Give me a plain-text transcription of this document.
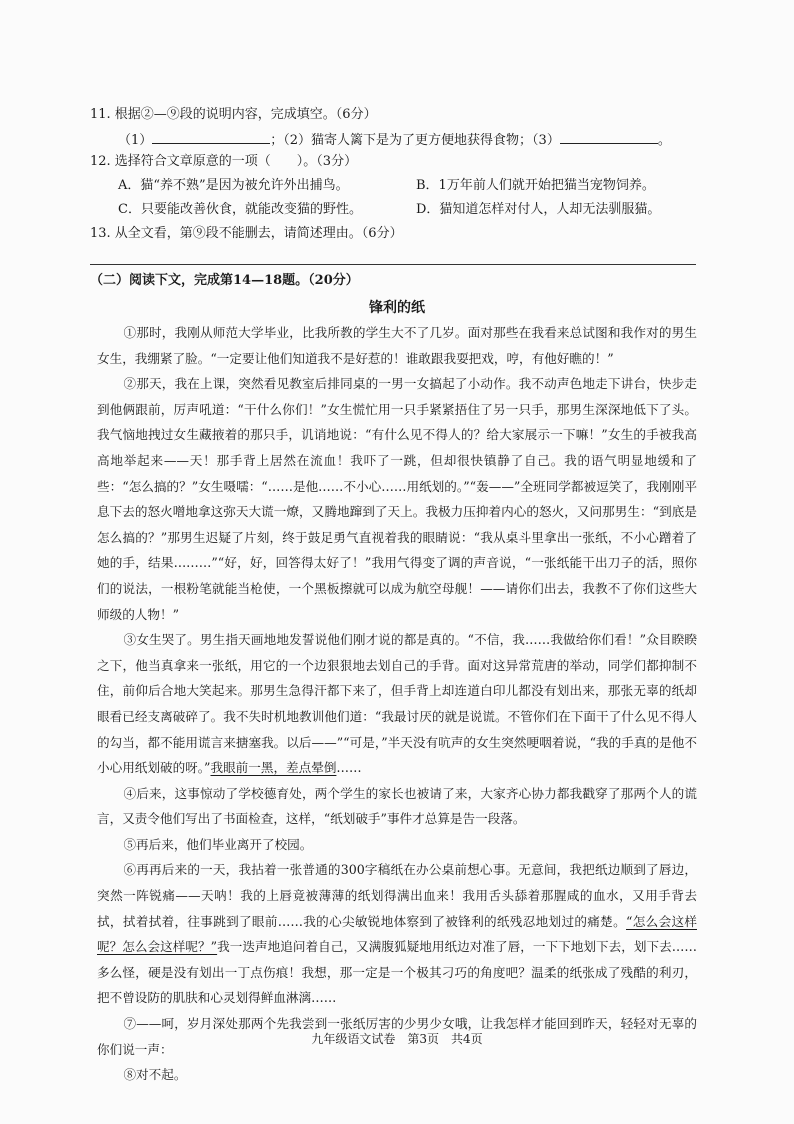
11. 根据②—⑨段的说明内容，完成填空。（6分）
（1）	；（2）猫寄人篱下是为了更方便地获得食物；（3）	。
12. 选择符合文章原意的一项（　　）。（3分）
A．猫“养不熟”是因为被允许外出捕鸟。	B．1万年前人们就开始把猫当宠物饲养。
C．只要能改善伙食，就能改变猫的野性。	D．猫知道怎样对付人，人却无法驯服猫。
13. 从全文看，第⑨段不能删去，请简述理由。（6分）
（二）阅读下文，完成第14—18题。（20分）
锋利的纸

①那时，我刚从师范大学毕业，比我所教的学生大不了几岁。面对那些在我看来总试图和我作对的男生女生，我绷紧了脸。“一定要让他们知道我不是好惹的！谁敢跟我耍把戏，哼，有他好瞧的！”

②那天，我在上课，突然看见教室后排同桌的一男一女搞起了小动作。我不动声色地走下讲台，快步走到他俩跟前，厉声吼道：“干什么你们！”女生慌忙用一只手紧紧捂住了另一只手，那男生深深地低下了头。我气恼地拽过女生藏掖着的那只手，讥诮地说：“有什么见不得人的？给大家展示一下嘛！”女生的手被我高高地举起来——天！那手背上居然在流血！我吓了一跳，但却很快镇静了自己。我的语气明显地缓和了些：“怎么搞的？”女生嗫嚅：“……是他……不小心……用纸划的。”“轰——”全班同学都被逗笑了，我刚刚平息下去的怒火噌地拿这弥天大谎一燎，又腾地蹿到了天上。我极力压抑着内心的怒火，又问那男生：“到底是怎么搞的？”那男生迟疑了片刻，终于鼓足勇气直视着我的眼睛说：“我从桌斗里拿出一张纸，不小心蹭着了她的手，结果………”“好，好，回答得太好了！”我用气得变了调的声音说，“一张纸能干出刀子的活，照你们的说法，一根粉笔就能当枪使，一个黑板擦就可以成为航空母舰！——请你们出去，我教不了你们这些大师级的人物！”

③女生哭了。男生指天画地地发誓说他们刚才说的都是真的。“不信，我……我做给你们看！”众目睽睽之下，他当真拿来一张纸，用它的一个边狠狠地去划自己的手背。面对这异常荒唐的举动，同学们都抑制不住，前仰后合地大笑起来。那男生急得汗都下来了，但手背上却连道白印儿都没有划出来，那张无辜的纸却眼看已经支离破碎了。我不失时机地教训他们道：“我最讨厌的就是说谎。不管你们在下面干了什么见不得人的勾当，都不能用谎言来搪塞我。以后——”“可是，”半天没有吭声的女生突然哽咽着说，“我的手真的是他不小心用纸划破的呀。”我眼前一黑，差点晕倒……

④后来，这事惊动了学校德育处，两个学生的家长也被请了来，大家齐心协力都我戳穿了那两个人的谎言，又责令他们写出了书面检查，这样，“纸划破手”事件才总算是告一段落。

⑤再后来，他们毕业离开了校园。

⑥再再后来的一天，我拈着一张普通的300字稿纸在办公桌前想心事。无意间，我把纸边顺到了唇边，突然一阵锐痛——天呐！我的上唇竟被薄薄的纸划得满出血来！我用舌头舔着那腥咸的血水，又用手背去拭，拭着拭着，往事跳到了眼前……我的心尖敏锐地体察到了被锋利的纸残忍地划过的痛楚。“怎么会这样呢？怎么会这样呢？”我一迭声地追问着自己，又满腹狐疑地用纸边对准了唇，一下下地划下去，划下去……多么怪，硬是没有划出一丁点伤痕！我想，那一定是一个极其刁巧的角度吧？温柔的纸张成了残酷的利刃，把不曾设防的肌肤和心灵划得鲜血淋漓……

⑦——呵，岁月深处那两个先我尝到一张纸厉害的少男少女哦，让我怎样才能回到昨天，轻轻对无辜的你们说一声：

⑧对不起。

九年级语文试卷　第3页　共4页
